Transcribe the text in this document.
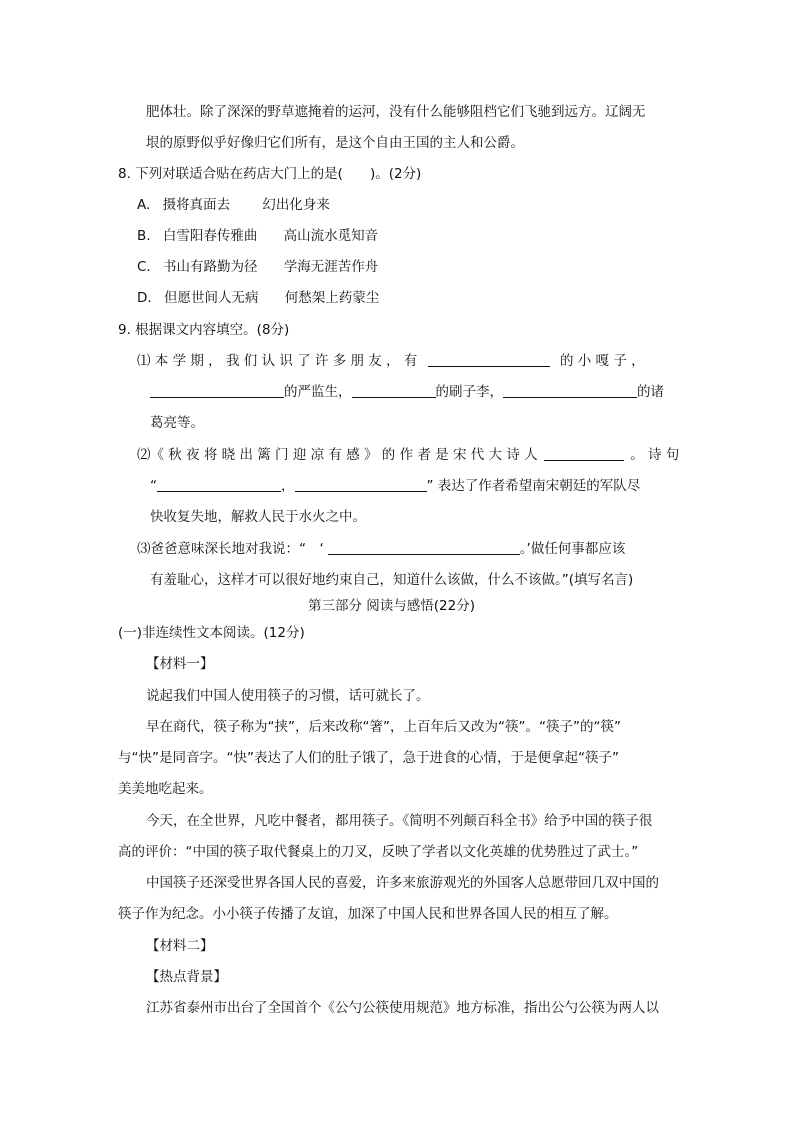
肥体壮。除了深深的野草遮掩着的运河，没有什么能够阻档它们飞驰到远方。辽阔无
垠的原野似乎好像归它们所有，是这个自由王国的主人和公爵。
8. 下列对联适合贴在药店大门上的是(　　)。(2分)
A. 摄将真面去 幻出化身来
B. 白雪阳春传雅曲 高山流水觅知音
C. 书山有路勤为径 学海无涯苦作舟
D. 但愿世间人无病 何愁架上药蒙尘
9. 根据课文内容填空。(8分)
⑴ 本 学 期 ， 我 们 认 识 了 许 多 朋 友 ， 有	的 小 嘎 子 ，
的严监生，	的刷子李，	的诸
葛亮等。
⑵《 秋 夜 将 晓 出 篱 门 迎 凉 有 感 》 的 作 者 是 宋 代 大 诗 人	。 诗 句
“	，	” 表达了作者希望南宋朝廷的军队尽
快收复失地，解救人民于水火之中。
⑶爸爸意味深长地对我说：“　‘	。’做任何事都应该
有羞耻心，这样才可以很好地约束自己，知道什么该做，什么不该做。”(填写名言)
第三部分 阅读与感悟(22分)
(一)非连续性文本阅读。(12分)
【材料一】
说起我们中国人使用筷子的习惯，话可就长了。
早在商代，筷子称为“挟”，后来改称“箸”，上百年后又改为“筷”。“筷子”的“筷”
与“快”是同音字。“快”表达了人们的肚子饿了，急于进食的心情，于是便拿起“筷子”
美美地吃起来。
今天，在全世界，凡吃中餐者，都用筷子。《简明不列颠百科全书》给予中国的筷子很
高的评价：“中国的筷子取代餐桌上的刀叉，反映了学者以文化英雄的优势胜过了武士。”
中国筷子还深受世界各国人民的喜爱，许多来旅游观光的外国客人总愿带回几双中国的
筷子作为纪念。小小筷子传播了友谊，加深了中国人民和世界各国人民的相互了解。
【材料二】
【热点背景】
江苏省泰州市出台了全国首个《公勺公筷使用规范》地方标准，指出公勺公筷为两人以
